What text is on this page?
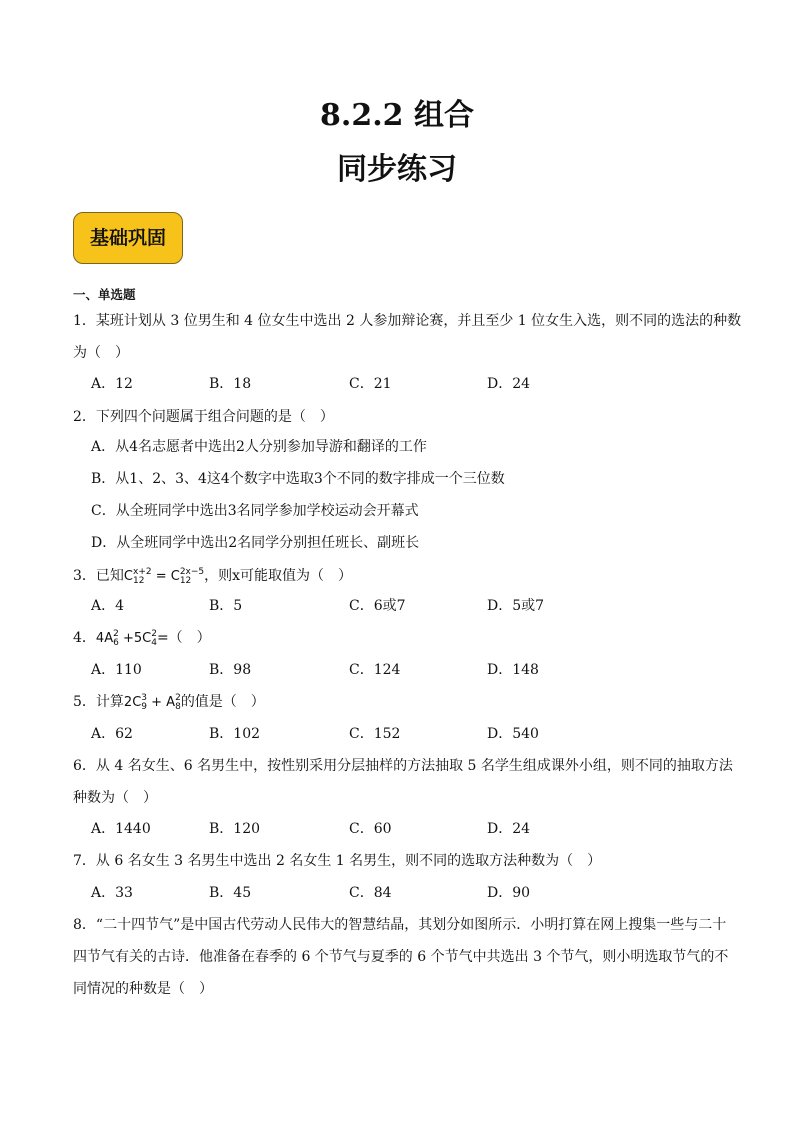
8.2.2 组合
同步练习
基础巩固
一、单选题
1．某班计划从 3 位男生和 4 位女生中选出 2 人参加辩论赛，并且至少 1 位女生入选，则不同的选法的种数
为（　）
A．12	B．18	C．21	D．24
2．下列四个问题属于组合问题的是（　）
A．从4名志愿者中选出2人分别参加导游和翻译的工作
B．从1、2、3、4这4个数字中选取3个不同的数字排成一个三位数
C．从全班同学中选出3名同学参加学校运动会开幕式
D．从全班同学中选出2名同学分别担任班长、副班长
3．已知C x+2
12 = C 2x−5
12 ，则x可能取值为（　）
A．4	B．5	C．6或7	D．5或7
4．4A 2
6 +5C 2
4 =（　）
A．110	B．98	C．124	D．148
5．计算2C 3
9 + A 2
8 的值是（　）
A．62	B．102	C．152	D．540
6．从 4 名女生、6 名男生中，按性别采用分层抽样的方法抽取 5 名学生组成课外小组，则不同的抽取方法
种数为（　）
A．1440	B．120	C．60	D．24
7．从 6 名女生 3 名男生中选出 2 名女生 1 名男生，则不同的选取方法种数为（　）
A．33	B．45	C．84	D．90
8．“二十四节气”是中国古代劳动人民伟大的智慧结晶，其划分如图所示．小明打算在网上搜集一些与二十
四节气有关的古诗．他准备在春季的 6 个节气与夏季的 6 个节气中共选出 3 个节气，则小明选取节气的不
同情况的种数是（　）
